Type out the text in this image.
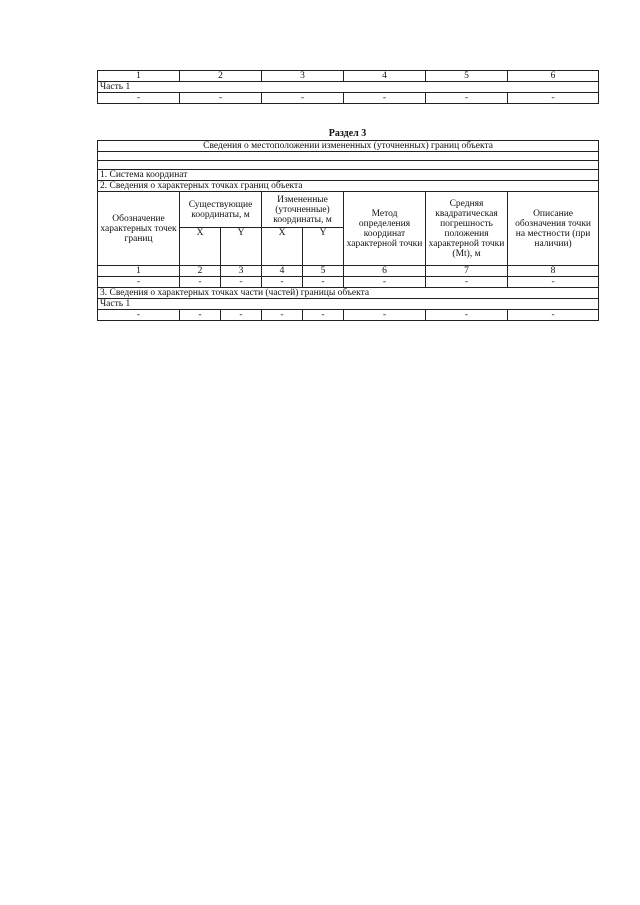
1	2	3	4	5	6
Часть 1					
-	-	-	-	-	-
Раздел 3
Сведения о местоположении измененных (уточненных) границ объекта							

1. Система координат							
2. Сведения о характерных точках границ объекта							
Обозначение характерных точек границ	Существующие координаты, м		Измененные (уточненные) координаты, м		Метод определения координат характерной точки	Средняя квадратическая погрешность положения характерной точки (Mt), м	Описание обозначения точки на местности (при наличии)
	X	Y	X	Y			
1	2	3	4	5	6	7	8
-	-	-	-	-	-	-	-
3. Сведения о характерных точках части (частей) границы объекта							
Часть 1							
-	-	-	-	-	-	-	-
